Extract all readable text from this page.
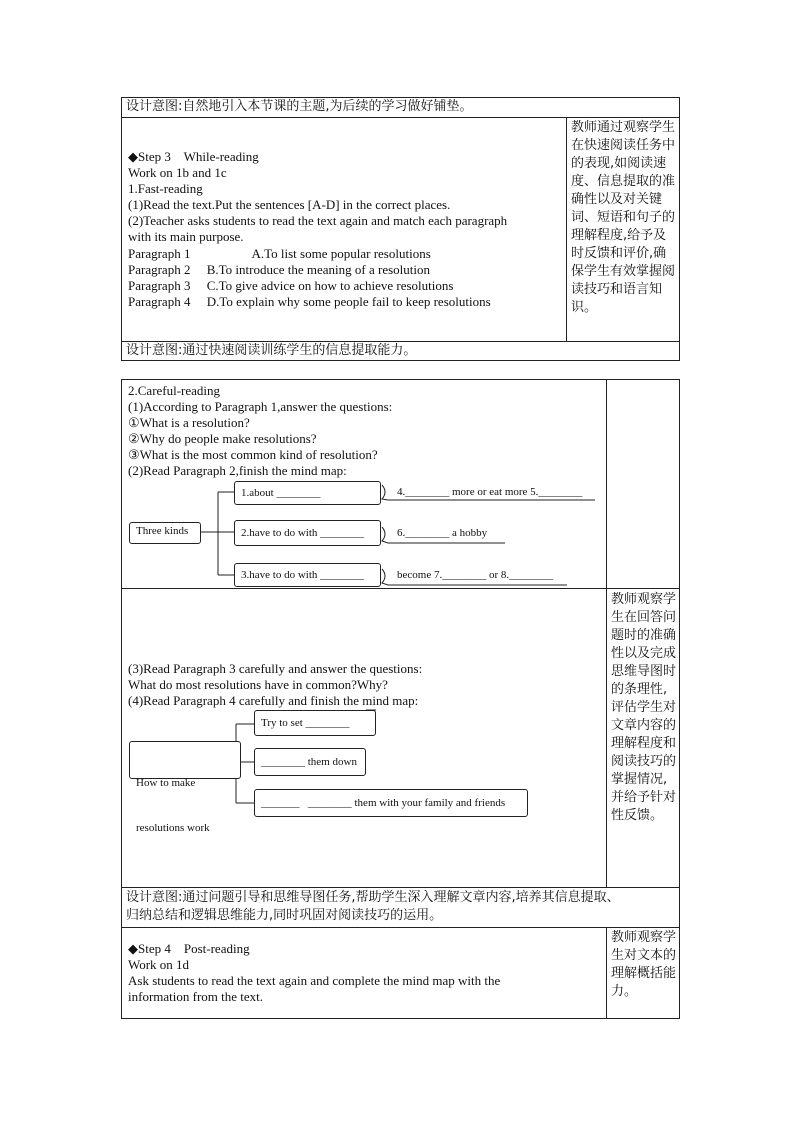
设计意图:自然地引入本节课的主题,为后续的学习做好铺垫。
◆Step 3    While-reading
Work on 1b and 1c
1.Fast-reading
(1)Read the text.Put the sentences [A-D] in the correct places.
(2)Teacher asks students to read the text again and match each paragraph
with its main purpose.
Paragraph 1                   A.To list some popular resolutions
Paragraph 2     B.To introduce the meaning of a resolution
Paragraph 3     C.To give advice on how to achieve resolutions
Paragraph 4     D.To explain why some people fail to keep resolutions
教师通过观察学生在快速阅读任务中的表现,如阅读速度、信息提取的准确性以及对关键词、短语和句子的理解程度,给予及时反馈和评价,确保学生有效掌握阅读技巧和语言知识。
设计意图:通过快速阅读训练学生的信息提取能力。
2.Careful-reading
(1)According to Paragraph 1,answer the questions:
①What is a resolution?
②Why do people make resolutions?
③What is the most common kind of resolution?
(2)Read Paragraph 2,finish the mind map:
Three kinds
1.about ________
2.have to do with ________
3.have to do with ________
4.________ more or eat more 5.________
6.________ a hobby
become 7.________ or 8.________
(3)Read Paragraph 3 carefully and answer the questions:
What do most resolutions have in common?Why?
(4)Read Paragraph 4 carefully and finish the mind map:

How to make

resolutions work

Try to set ________
________ them down
_______   ________ them with your family and friends
教师观察学生在回答问题时的准确性以及完成思维导图时的条理性,评估学生对文章内容的理解程度和阅读技巧的掌握情况,并给予针对性反馈。
设计意图:通过问题引导和思维导图任务,帮助学生深入理解文章内容,培养其信息提取、
归纳总结和逻辑思维能力,同时巩固对阅读技巧的运用。
◆Step 4    Post-reading
Work on 1d
Ask students to read the text again and complete the mind map with the
information from the text.
教师观察学生对文本的理解概括能力。
